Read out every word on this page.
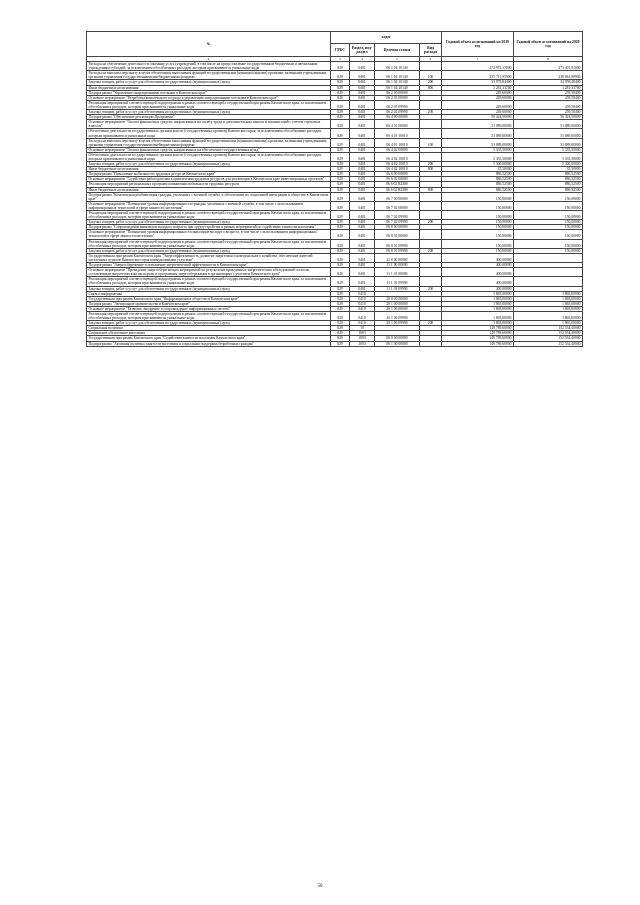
№	коды				Годовой объем ассигнований на 2019 год	Годовой объем ассигнований на 2020 год
	ГРБС	Раздел, под-раздел	Целевая статья	Вид расхода		
2	3	4	5	6	7	8
Расходы на обеспечение деятельности (оказание услуг) учреждений, в том числе на предоставление государственным бюджетным и автономным учреждениям субсидий, за исключением обособленных расходов, которым присваиваются уникальные коды	829	0401	06 1 04 10140		272 972,17000	275 401,81000
Расходы на выплаты персоналу в целях обеспечения выполнения функций государственными (муниципальными) органами, казенными учреждениями, органами управления государственными внебюджетными фондами	829	0401	06 1 04 10140	100	237 711,95900	238 061,98900
Закупка товаров, работ и услуг для обеспечения государственных (муниципальных) нужд	829	0401	06 1 04 10140	200	33 978,84400	34 058,48400
Иные бюджетные ассигнования	829	0401	06 1 04 10140	800	1 281,33700	1 281,33700
Подпрограмма "Управление миграционными потоками в Камчатском крае"	829	0401	06 2 00 00000		249,60000	259,58400
Основное мероприятие "Разработка комплексного подхода к управлению миграционными потоками в Камчатском крае"	829	0401	06 2 01 00000		249,60000	259,58400
Реализация мероприятий соответствующей подпрограммы в рамках соответствующей государственной программы Камчатского края, за исключением обособленных расходов, которым присваиваются уникальные коды	829	0401	06 2 01 09990		249,60000	259,58400
Закупка товаров, работ и услуг для обеспечения государственных (муниципальных) нужд	829	0401	06 2 01 09990	200	249,60000	259,58400
Подпрограмма "Обеспечение реализации Программы"	829	0401	06 4 00 00000		56 424,50000	56 424,50000
Основное мероприятие "Оплата финансовых средств, направленных на оплату труда и дополнительных выплат и компенсаций с учетом страховых взносов"	829	0401	06 4 01 00000		51 089,00000	51 089,00000
Обеспечение деятельности государственных органов власти (государственных органов) Камчатского края, за исключением обособленных расходов, которым присваиваются уникальные коды	829	0401	06 4 01 10010		51 089,00000	51 089,00000
Расходы на выплаты персоналу в целях обеспечения выполнения функций государственными (муниципальными) органами, казенными учреждениями, органами управления государственными внебюджетными фондами	829	0401	06 4 01 10010	100	51 089,00000	51 089,00000
Основное мероприятие "Оплата финансовых средств, направленных на обеспечение государственных нужд"	829	0401	06 4 02 00000		5 335,50000	5 335,50000
Обеспечение деятельности государственных органов власти (государственных органов) Камчатского края, за исключением обособленных расходов, которым присваиваются уникальные коды	829	0401	06 4 02 10010		5 335,50000	5 335,50000
Закупка товаров, работ и услуг для обеспечения государственных (муниципальных) нужд	829	0401	06 4 02 10010	200	5 300,00000	5 300,00000
Иные бюджетные ассигнования	829	0401	06 4 02 10010	800	35,50000	35,50000
Подпрограмма "Повышение мобильности трудовых ресурсов Камчатского края"	829	0401	06 6 00 00000		886,52500	886,52500
Основное мероприятие "Содействие работодателям в привлечении трудовых ресурсов для реализации в Камчатском крае инвестиционных проектов"	829	0401	06 6 02 00000		886,52500	886,52500
Реализация мероприятий региональных программ повышения мобильности трудовых ресурсов	829	0401	06 6 02 R2380		886,52500	886,52500
Иные бюджетные ассигнования	829	0401	06 6 02 R2380	800	886,52500	886,52500
Подпрограмма "Комплексная реабилитация граждан, уволенных с военной службы, и обеспечение их социальной интеграции в общество в Камчатском крае"	829	0401	06 7 00 00000		150,00000	150,00000
Основное мероприятие "Повышение уровня информированности граждан, уволенных с военной службы, в том числе с использованием информационных технологий в сфере занятости населения"	829	0401	06 7 02 00000		150,00000	150,00000
Реализация мероприятий соответствующей подпрограммы в рамках соответствующей государственной программы Камчатского края, за исключением обособленных расходов, которым присваиваются уникальные коды	829	0401	06 7 02 09990		150,00000	150,00000
Закупка товаров, работ и услуг для обеспечения государственных (муниципальных) нужд	829	0401	06 7 02 09990	200	150,00000	150,00000
Подпрограмма "Сопровождение инвалидов молодого возраста при трудоустройстве в рамках мероприятий по содействию занятости населения"	829	0401	06 8 00 00000		150,00000	150,00000
Основное мероприятие "Повышение уровня информированности инвалидов молодого возраста, в том числе с использованием информационных технологий в сфере занятости населения"	829	0401	06 8 01 00000		150,00000	150,00000
Реализация мероприятий соответствующей подпрограммы в рамках соответствующей государственной программы Камчатского края, за исключением обособленных расходов, которым присваиваются уникальные коды	829	0401	06 8 01 09990		150,00000	150,00000
Закупка товаров, работ и услуг для обеспечения государственных (муниципальных) нужд	829	0401	06 8 01 09990	200	150,00000	150,00000
Государственная программа Камчатского края "Энергоэффективность, развитие энергетики и коммунального хозяйства, обеспечение жителей населенных пунктов Камчатского края коммунальными услугами"	829	0401	11 0 00 00000		400,00000	
Подпрограмма "Энергосбережение и повышение энергетической эффективности в Камчатском крае"	829	0401	11 1 00 00000		400,00000	
Основное мероприятие "Проведение энергосберегающих мероприятий по результатам проведенных энергетических обследований согласно составленным энергетическим паспортам и программам энергосбережения в организациях с участием Камчатского края"	829	0401	11 1 01 00000		400,00000	
Реализация мероприятий соответствующей подпрограммы в рамках соответствующей государственной программы Камчатского края, за исключением обособленных расходов, которым присваиваются уникальные коды	829	0401	11 1 01 09990		400,00000	
Закупка товаров, работ и услуг для обеспечения государственных (муниципальных) нужд	829	0401	11 1 01 09990	200	400,00000	
Связь и информатика	829	0410			1 865,00000	1 865,00000
Государственная программа Камчатского края "Информационное общество в Камчатском крае"	829	0410	20 0 00 00000		1 865,00000	1 865,00000
Подпрограмма "Электронное правительство в Камчатском крае"	829	0410	20 1 00 00000		1 865,00000	1 865,00000
Основное мероприятие "Развитие, внедрение и сопровождение информационных систем"	829	0410	20 1 06 00000		1 865,00000	1 865,00000
Реализация мероприятий соответствующей подпрограммы в рамках соответствующей государственной программы Камчатского края, за исключением обособленных расходов, которым присваиваются уникальные коды	829	0410	20 1 06 09990		1 865,00000	1 865,00000
Закупка товаров, работ и услуг для обеспечения государственных (муниципальных) нужд	829	0410	20 1 06 09990	200	1 865,00000	1 865,00000
Социальная политика	829	10			149 789,60000	152 534,40000
Социальное обеспечение населения	829	1003			149 789,60000	152 534,40000
Государственная программа Камчатского края "Содействие занятости населения Камчатского края"	829	1003	06 0 00 00000		149 789,60000	152 534,40000
Подпрограмма "Активная политика занятости населения и социальная поддержка безработных граждан"	829	1003	06 1 00 00000		149 789,60000	152 534,40000
50
